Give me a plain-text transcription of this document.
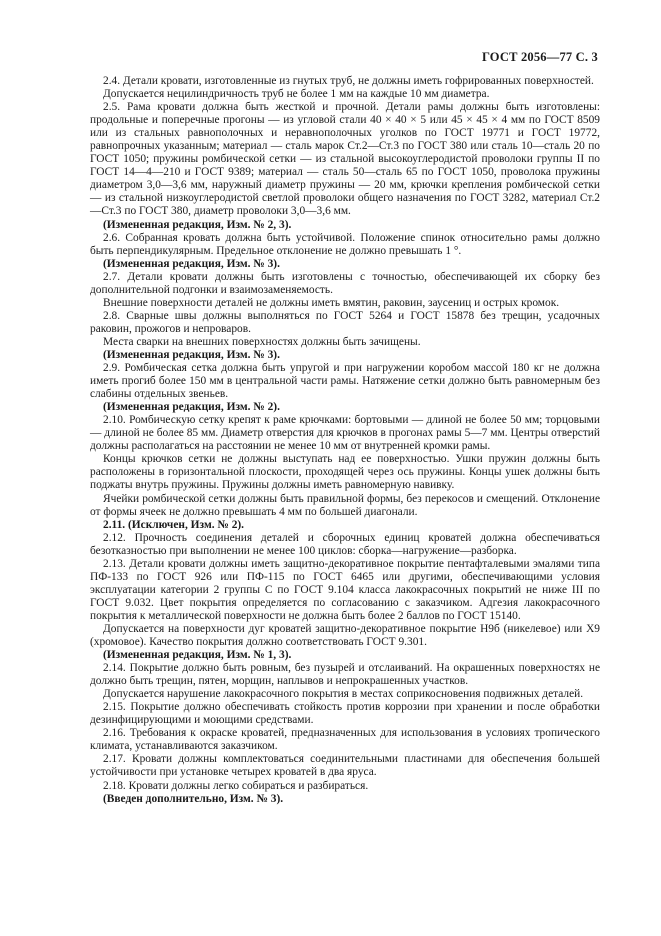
ГОСТ 2056—77 С. 3

2.4. Детали кровати, изготовленные из гнутых труб, не должны иметь гофрированных поверхностей.

Допускается нецилиндричность труб не более 1 мм на каждые 10 мм диаметра.

2.5. Рама кровати должна быть жесткой и прочной. Детали рамы должны быть изготовлены: продольные и поперечные прогоны — из угловой стали 40 × 40 × 5 или 45 × 45 × 4 мм по ГОСТ 8509 или из стальных равнополочных и неравнополочных уголков по ГОСТ 19771 и ГОСТ 19772, равнопрочных указанным; материал — сталь марок Ст.2—Ст.3 по ГОСТ 380 или сталь 10—сталь 20 по ГОСТ 1050; пружины ромбической сетки — из стальной высокоуглеродистой проволоки группы II по ГОСТ 14—4—210 и ГОСТ 9389; материал — сталь 50—сталь 65 по ГОСТ 1050, проволока пружины диаметром 3,0—3,6 мм, наружный диаметр пружины — 20 мм, крючки крепления ромбической сетки — из стальной низкоуглеродистой светлой проволоки общего назначения по ГОСТ 3282, материал Ст.2—Ст.3 по ГОСТ 380, диаметр проволоки 3,0—3,6 мм.

(Измененная редакция, Изм. № 2, 3).

2.6. Собранная кровать должна быть устойчивой. Положение спинок относительно рамы должно быть перпендикулярным. Предельное отклонение не должно превышать 1 °.

(Измененная редакция, Изм. № 3).

2.7. Детали кровати должны быть изготовлены с точностью, обеспечивающей их сборку без дополнительной подгонки и взаимозаменяемость.

Внешние поверхности деталей не должны иметь вмятин, раковин, заусениц и острых кромок.

2.8. Сварные швы должны выполняться по ГОСТ 5264 и ГОСТ 15878 без трещин, усадочных раковин, прожогов и непроваров.

Места сварки на внешних поверхностях должны быть зачищены.

(Измененная редакция, Изм. № 3).

2.9. Ромбическая сетка должна быть упругой и при нагружении коробом массой 180 кг не должна иметь прогиб более 150 мм в центральной части рамы. Натяжение сетки должно быть равномерным без слабины отдельных звеньев.

(Измененная редакция, Изм. № 2).

2.10. Ромбическую сетку крепят к раме крючками: бортовыми — длиной не более 50 мм; торцовыми — длиной не более 85 мм. Диаметр отверстия для крючков в прогонах рамы 5—7 мм. Центры отверстий должны располагаться на расстоянии не менее 10 мм от внутренней кромки рамы.

Концы крючков сетки не должны выступать над ее поверхностью. Ушки пружин должны быть расположены в горизонтальной плоскости, проходящей через ось пружины. Концы ушек должны быть поджаты внутрь пружины. Пружины должны иметь равномерную навивку.

Ячейки ромбической сетки должны быть правильной формы, без перекосов и смещений. Отклонение от формы ячеек не должно превышать 4 мм по большей диагонали.

2.11. (Исключен, Изм. № 2).

2.12. Прочность соединения деталей и сборочных единиц кроватей должна обеспечиваться безотказностью при выполнении не менее 100 циклов: сборка—нагружение—разборка.

2.13. Детали кровати должны иметь защитно-декоративное покрытие пентафталевыми эмалями типа ПФ-133 по ГОСТ 926 или ПФ-115 по ГОСТ 6465 или другими, обеспечивающими условия эксплуатации категории 2 группы С по ГОСТ 9.104 класса лакокрасочных покрытий не ниже III по ГОСТ 9.032. Цвет покрытия определяется по согласованию с заказчиком. Адгезия лакокрасочного покрытия к металлической поверхности не должна быть более 2 баллов по ГОСТ 15140.

Допускается на поверхности дуг кроватей защитно-декоративное покрытие Н9б (никелевое) или Х9 (хромовое). Качество покрытия должно соответствовать ГОСТ 9.301.

(Измененная редакция, Изм. № 1, 3).

2.14. Покрытие должно быть ровным, без пузырей и отслаиваний. На окрашенных поверхностях не должно быть трещин, пятен, морщин, наплывов и непрокрашенных участков.

Допускается нарушение лакокрасочного покрытия в местах соприкосновения подвижных деталей.

2.15. Покрытие должно обеспечивать стойкость против коррозии при хранении и после обработки дезинфицирующими и моющими средствами.

2.16. Требования к окраске кроватей, предназначенных для использования в условиях тропического климата, устанавливаются заказчиком.

2.17. Кровати должны комплектоваться соединительными пластинами для обеспечения большей устойчивости при установке четырех кроватей в два яруса.

2.18. Кровати должны легко собираться и разбираться.

(Введен дополнительно, Изм. № 3).
